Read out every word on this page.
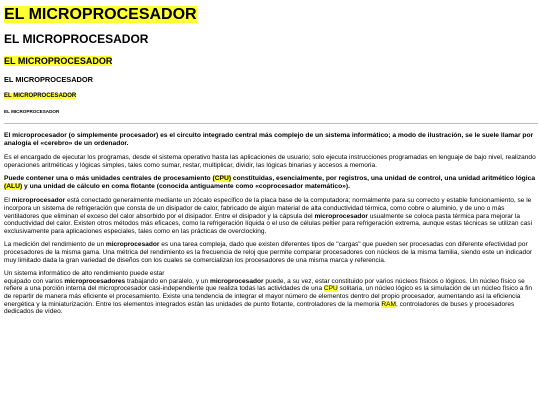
EL MICROPROCESADOR
EL MICROPROCESADOR
EL MICROPROCESADOR
EL MICROPROCESADOR
EL MICROPROCESADOR
EL MICROPROCESADOR

El microprocesador (o simplemente procesador) es el circuito integrado central más complejo de un sistema informático; a modo de ilustración, se le suele llamar por analogía el «cerebro» de un ordenador.

Es el encargado de ejecutar los programas, desde el sistema operativo hasta las aplicaciones de usuario; solo ejecuta instrucciones programadas en lenguaje de bajo nivel, realizando operaciones aritméticas y lógicas simples, tales como sumar, restar, multiplicar, dividir, las lógicas binarias y accesos a memoria.

Puede contener una o más unidades centrales de procesamiento (CPU) constituidas, esencialmente, por registros, una unidad de control, una unidad aritmético lógica (ALU) y una unidad de cálculo en coma flotante (conocida antiguamente como «coprocesador matemático»).

El microprocesador está conectado generalmente mediante un zócalo específico de la placa base de la computadora; normalmente para su correcto y estable funcionamiento, se le incorpora un sistema de refrigeración que consta de un disipador de calor, fabricado de algún material de alta conductividad térmica, como cobre o aluminio, y de uno o más ventiladores que eliminan el exceso del calor absorbido por el disipador. Entre el disipador y la cápsula del microprocesador usualmente se coloca pasta térmica para mejorar la conductividad del calor. Existen otros métodos más eficaces, como la refrigeración líquida o el uso de células peltier para refrigeración extrema, aunque estas técnicas se utilizan casi exclusivamente para aplicaciones especiales, tales como en las prácticas de overclocking.

La medición del rendimiento de un microprocesador es una tarea compleja, dado que existen diferentes tipos de "cargas" que pueden ser procesadas con diferente efectividad por procesadores de la misma gama. Una métrica del rendimiento es la frecuencia de reloj que permite comparar procesadores con núcleos de la misma familia, siendo este un indicador muy limitado dada la gran variedad de diseños con los cuales se comercializan los procesadores de una misma marca y referencia.

Un sistema informático de alto rendimiento puede estar
equipado con varios microprocesadores trabajando en paralelo, y un microprocesador puede, a su vez, estar constituido por varios núcleos físicos o lógicos. Un núcleo físico se refiere a una porción interna del microprocesador casi-independiente que realiza todas las actividades de una CPU solitaria, un núcleo lógico es la simulación de un núcleo físico a fin de repartir de manera más eficiente el procesamiento. Existe una tendencia de integrar el mayor número de elementos dentro del propio procesador, aumentando así la eficiencia energética y la miniaturización. Entre los elementos integrados están las unidades de punto flotante, controladores de la memoria RAM, controladores de buses y procesadores dedicados de vídeo.
